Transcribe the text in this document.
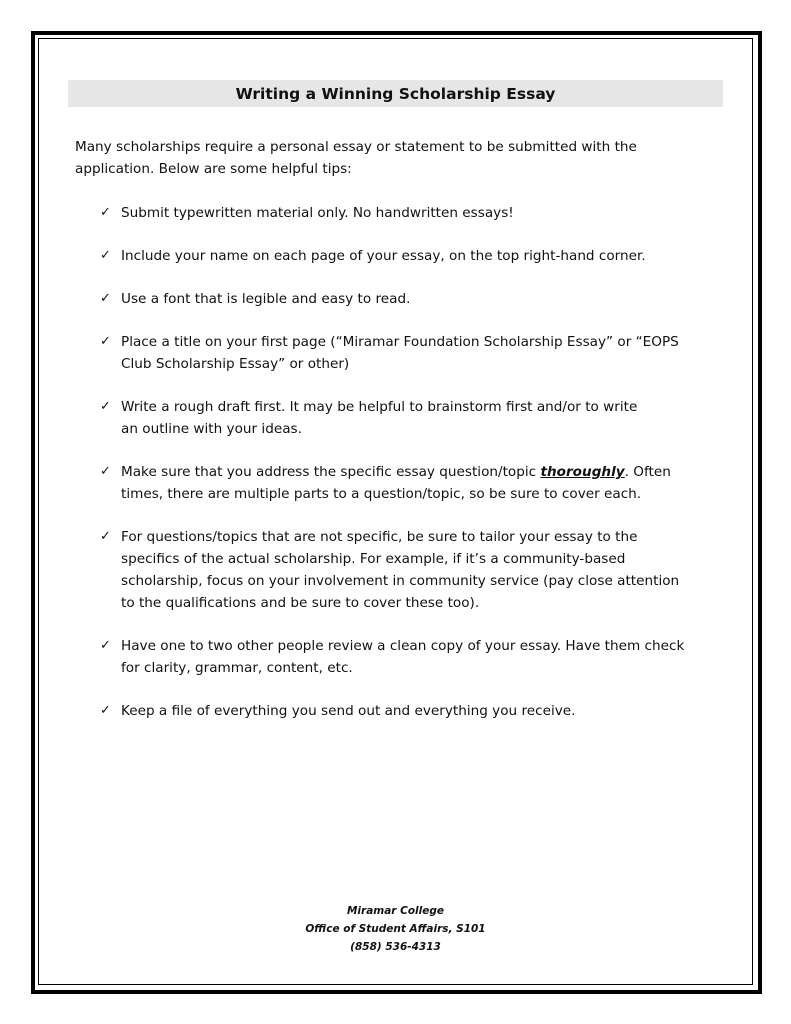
Writing a Winning Scholarship Essay
Many scholarships require a personal essay or statement to be submitted with the
application. Below are some helpful tips:
✓ Submit typewritten material only. No handwritten essays!
✓ Include your name on each page of your essay, on the top right-hand corner.
✓ Use a font that is legible and easy to read.
✓ Place a title on your first page (“Miramar Foundation Scholarship Essay” or “EOPS
Club Scholarship Essay” or other)
✓ Write a rough draft first. It may be helpful to brainstorm first and/or to write
an outline with your ideas.
✓ Make sure that you address the specific essay question/topic thoroughly. Often
times, there are multiple parts to a question/topic, so be sure to cover each.
✓ For questions/topics that are not specific, be sure to tailor your essay to the
specifics of the actual scholarship. For example, if it’s a community-based
scholarship, focus on your involvement in community service (pay close attention
to the qualifications and be sure to cover these too).
✓ Have one to two other people review a clean copy of your essay. Have them check
for clarity, grammar, content, etc.
✓ Keep a file of everything you send out and everything you receive.
Miramar College
Office of Student Affairs, S101
(858) 536-4313
